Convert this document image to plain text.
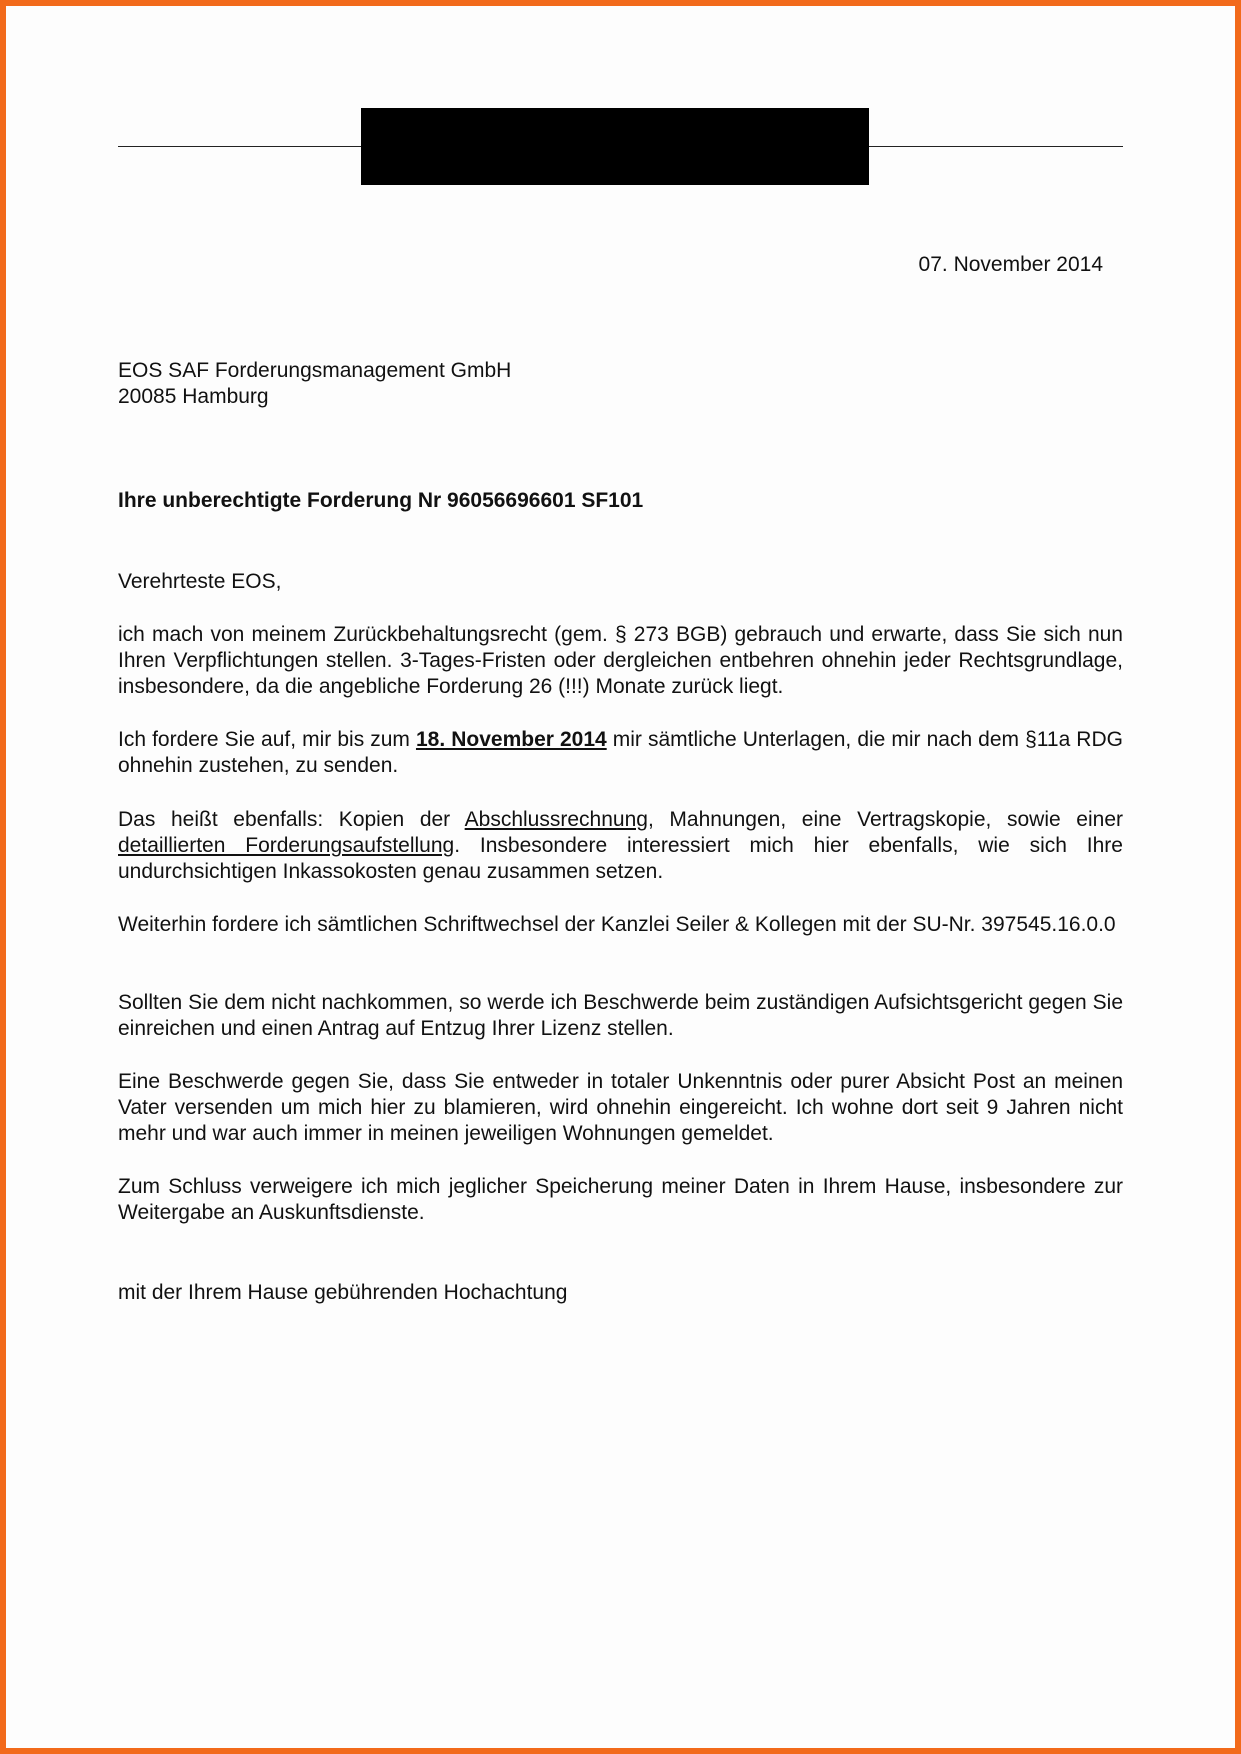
07. November 2014
EOS SAF Forderungsmanagement GmbH
20085 Hamburg
Ihre unberechtigte Forderung Nr 96056696601 SF101
Verehrteste EOS,
ich mach von meinem Zurückbehaltungsrecht (gem. § 273 BGB) gebrauch und erwarte, dass Sie sich nun Ihren Verpflichtungen stellen. 3-Tages-Fristen oder dergleichen entbehren ohnehin jeder Rechtsgrundlage, insbesondere, da die angebliche Forderung 26 (!!!) Monate zurück liegt.
Ich fordere Sie auf, mir bis zum 18. November 2014 mir sämtliche Unterlagen, die mir nach dem §11a RDG ohnehin zustehen, zu senden.
Das heißt ebenfalls: Kopien der Abschlussrechnung, Mahnungen, eine Vertragskopie, sowie einer detaillierten Forderungsaufstellung. Insbesondere interessiert mich hier ebenfalls, wie sich Ihre undurchsichtigen Inkassokosten genau zusammen setzen.
Weiterhin fordere ich sämtlichen Schriftwechsel der Kanzlei Seiler & Kollegen mit der SU-Nr. 397545.16.0.0
Sollten Sie dem nicht nachkommen, so werde ich Beschwerde beim zuständigen Aufsichtsgericht gegen Sie einreichen und einen Antrag auf Entzug Ihrer Lizenz stellen.
Eine Beschwerde gegen Sie, dass Sie entweder in totaler Unkenntnis oder purer Absicht Post an meinen Vater versenden um mich hier zu blamieren, wird ohnehin eingereicht. Ich wohne dort seit 9 Jahren nicht mehr und war auch immer in meinen jeweiligen Wohnungen gemeldet.
Zum Schluss verweigere ich mich jeglicher Speicherung meiner Daten in Ihrem Hause, insbesondere zur Weitergabe an Auskunftsdienste.
mit der Ihrem Hause gebührenden Hochachtung
